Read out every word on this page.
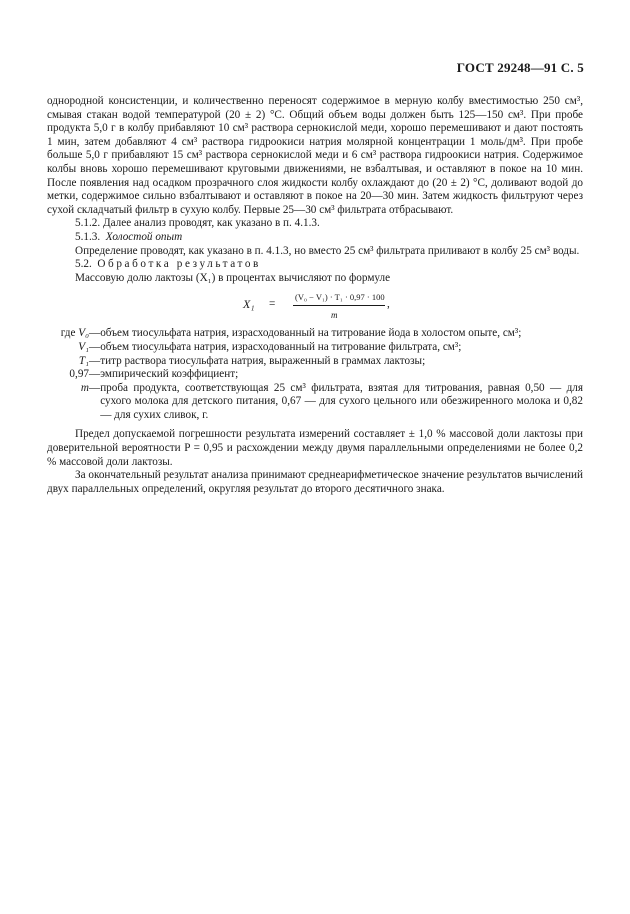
ГОСТ 29248—91 С. 5

однородной консистенции, и количественно переносят содержимое в мерную колбу вместимостью 250 см³, смывая стакан водой температурой (20 ± 2) °С. Общий объем воды должен быть 125—150 см³. При пробе продукта 5,0 г в колбу прибавляют 10 см³ раствора сернокислой меди, хорошо перемешивают и дают постоять 1 мин, затем добавляют 4 см³ раствора гидроокиси натрия молярной концентрации 1 моль/дм³. При пробе больше 5,0 г прибавляют 15 см³ раствора сернокислой меди и 6 см³ раствора гидроокиси натрия. Содержимое колбы вновь хорошо перемешивают круговыми движениями, не взбалтывая, и оставляют в покое на 10 мин. После появления над осадком прозрачного слоя жидкости колбу охлаждают до (20 ± 2) °С, доливают водой до метки, содержимое сильно взбалтывают и оставляют в покое на 20—30 мин. Затем жидкость фильтруют через сухой складчатый фильтр в сухую колбу. Первые 25—30 см³ фильтрата отбрасывают.

5.1.2. Далее анализ проводят, как указано в п. 4.1.3.

5.1.3. Холостой опыт

Определение проводят, как указано в п. 4.1.3, но вместо 25 см³ фильтрата приливают в колбу 25 см³ воды.

5.2. Обработка результатов

Массовую долю лактозы (X₁) в процентах вычисляют по формуле

X₁ =
(V₀ − V₁) · T₁ · 0,97 · 100
m
,
где V₀	—	объем тиосульфата натрия, израсходованный на титрование йода в холостом опыте, см³;
V₁	—	объем тиосульфата натрия, израсходованный на титрование фильтрата, см³;
T₁	—	титр раствора тиосульфата натрия, выраженный в граммах лактозы;
0,97	—	эмпирический коэффициент;
m	—	проба продукта, соответствующая 25 см³ фильтрата, взятая для титрования, равная 0,50 — для сухого молока для детского питания, 0,67 — для сухого цельного или обезжиренного молока и 0,82 — для сухих сливок, г.

Предел допускаемой погрешности результата измерений составляет ± 1,0 % массовой доли лактозы при доверительной вероятности P = 0,95 и расхождении между двумя параллельными определениями не более 0,2 % массовой доли лактозы.

За окончательный результат анализа принимают среднеарифметическое значение результатов вычислений двух параллельных определений, округляя результат до второго десятичного знака.
